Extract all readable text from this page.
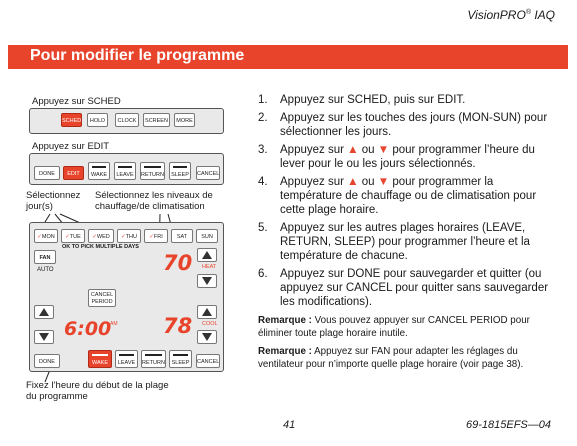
VisionPRO® IAQ
Pour modifier le programme
Appuyez sur SCHED
SCHED	HOLD	CLOCK	SCREEN	MORE
Appuyez sur EDIT
DONE	EDIT	WAKE	LEAVE	RETURN	SLEEP	CANCEL
Sélectionnez jour(s)
Sélectionnez les niveaux de chauffage/de climatisation
✓MON	✓TUE	✓WED	✓THU	✓FRI	SAT	SUN
OK TO PICK MULTIPLE DAYS
FAN
AUTO	70 HEAT
CANCEL PERIOD
78 COOL
6:00
AM
DONE	WAKE	LEAVE	RETURN	SLEEP	CANCEL
Fixez l’heure du début de la plage du programme
1. Appuyez sur SCHED, puis sur EDIT.
2. Appuyez sur les touches des jours (MON-SUN) pour sélectionner les jours.
3. Appuyez sur ▲ ou ▼ pour programmer l’heure du lever pour le ou les jours sélectionnés.
4. Appuyez sur ▲ ou ▼ pour programmer la température de chauffage ou de climatisation pour cette plage horaire.
5. Appuyez sur les autres plages horaires (LEAVE, RETURN, SLEEP) pour programmer l’heure et la température de chacune.
6. Appuyez sur DONE pour sauvegarder et quitter (ou appuyez sur CANCEL pour quitter sans sauvegarder les modifications).
Remarque : Vous pouvez appuyer sur CANCEL PERIOD pour éliminer toute plage horaire inutile.
Remarque : Appuyez sur FAN pour adapter les réglages du ventilateur pour n’importe quelle plage horaire (voir page 38).
41	69-1815EFS—04
